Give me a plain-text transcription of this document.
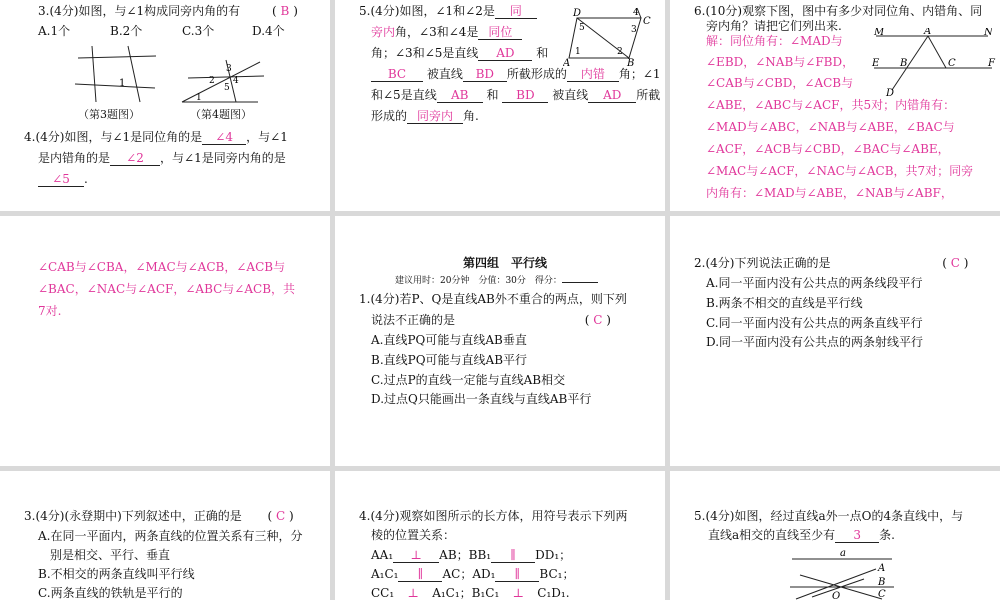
3.(4分)如图，与∠1构成同旁内角的有	( B )
A.1个	B.2个	C.3个	D.4个
1
3
2 4
5
1
（第3题图）	（第4题图）
4.(4分)如图，与∠1是同位角的是 ∠4 ，与∠1
是内错角的是 ∠2 ，与∠1是同旁内角的是
∠5 .
5.(4分)如图，∠1和∠2是 同
旁内角，∠3和∠4是 同位
角；∠3和∠5是直线 AD 和
BC 被直线 BD 所截形成的 内错 角；∠1
和∠5是直线 AB 和 BD 被直线 AD 所截
形成的 同旁内 角.
D	4
C
5
1
3
2
A	B
6.(10分)观察下图，图中有多少对同位角、内错角、同
旁内角？请把它们列出来.
解：同位角有：∠MAD与
∠EBD，∠NAB与∠FBD，
∠CAB与∠CBD，∠ACB与
∠ABE，∠ABC与∠ACF，共5对；内错角有：
∠MAD与∠ABC，∠NAB与∠ABE，∠BAC与
∠ACF，∠ACB与∠CBD，∠BAC与∠ABE，
∠MAC与∠ACF，∠NAC与∠ACB，共7对；同旁
内角有：∠MAD与∠ABE，∠NAB与∠ABF，
M	A	N
E B	C	F
D
∠CAB与∠CBA，∠MAC与∠ACB，∠ACB与
∠BAC，∠NAC与∠ACF，∠ABC与∠ACB，共
7对.
第四组　平行线
建议用时：20分钟　分值：30分　得分：
1.(4分)若P、Q是直线AB外不重合的两点，则下列
说法不正确的是	( C )
A.直线PQ可能与直线AB垂直
B.直线PQ可能与直线AB平行
C.过点P的直线一定能与直线AB相交
D.过点Q只能画出一条直线与直线AB平行
2.(4分)下列说法正确的是	( C )
A.同一平面内没有公共点的两条线段平行
B.两条不相交的直线是平行线
C.同一平面内没有公共点的两条直线平行
D.同一平面内没有公共点的两条射线平行
3.(4分)(永登期中)下列叙述中，正确的是 ( C )
A.在同一平面内，两条直线的位置关系有三种，分
别是相交、平行、垂直
B.不相交的两条直线叫平行线
C.两条直线的铁轨是平行的
4.(4分)观察如图所示的长方体，用符号表示下列两
棱的位置关系：
AA₁ ⊥ AB；BB₁ ∥ DD₁；
A₁C₁ ∥ AC；AD₁ ∥ BC₁；
CC₁ ⊥ A₁C₁；B₁C₁ ⊥ C₁D₁.
5.(4分)如图，经过直线a外一点O的4条直线中，与
直线a相交的直线至少有 3 条.
a
A
B
C
O
